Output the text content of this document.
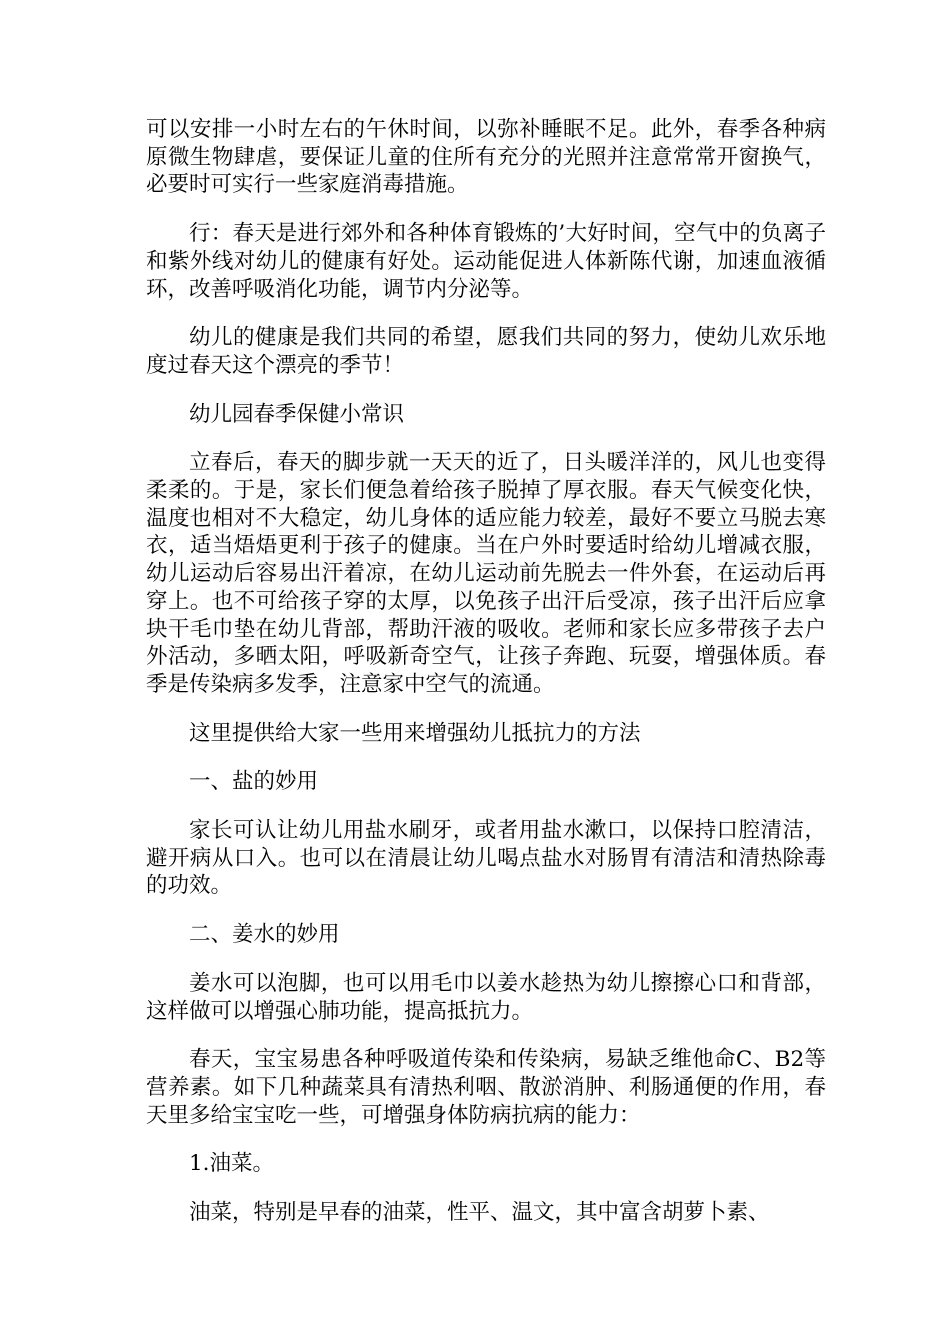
可以安排一小时左右的午休时间，以弥补睡眠不足。此外，春季各种病原微生物肆虐，要保证儿童的住所有充分的光照并注意常常开窗换气，必要时可实行一些家庭消毒措施。

行：春天是进行郊外和各种体育锻炼的’大好时间，空气中的负离子和紫外线对幼儿的健康有好处。运动能促进人体新陈代谢，加速血液循环，改善呼吸消化功能，调节内分泌等。

幼儿的健康是我们共同的希望，愿我们共同的努力，使幼儿欢乐地度过春天这个漂亮的季节！

幼儿园春季保健小常识

立春后，春天的脚步就一天天的近了，日头暖洋洋的，风儿也变得柔柔的。于是，家长们便急着给孩子脱掉了厚衣服。春天气候变化快，温度也相对不大稳定，幼儿身体的适应能力较差，最好不要立马脱去寒衣，适当焐焐更利于孩子的健康。当在户外时要适时给幼儿增减衣服，幼儿运动后容易出汗着凉，在幼儿运动前先脱去一件外套，在运动后再穿上。也不可给孩子穿的太厚，以免孩子出汗后受凉，孩子出汗后应拿块干毛巾垫在幼儿背部，帮助汗液的吸收。老师和家长应多带孩子去户外活动，多晒太阳，呼吸新奇空气，让孩子奔跑、玩耍，增强体质。春季是传染病多发季，注意家中空气的流通。

这里提供给大家一些用来增强幼儿抵抗力的方法

一、盐的妙用

家长可认让幼儿用盐水刷牙，或者用盐水漱口，以保持口腔清洁，避开病从口入。也可以在清晨让幼儿喝点盐水对肠胃有清洁和清热除毒的功效。

二、姜水的妙用

姜水可以泡脚，也可以用毛巾以姜水趁热为幼儿擦擦心口和背部，这样做可以增强心肺功能，提高抵抗力。

春天，宝宝易患各种呼吸道传染和传染病，易缺乏维他命C、B2等营养素。如下几种蔬菜具有清热利咽、散淤消肿、利肠通便的作用，春天里多给宝宝吃一些，可增强身体防病抗病的能力：

1.油菜。

油菜，特别是早春的油菜，性平、温文，其中富含胡萝卜素、
